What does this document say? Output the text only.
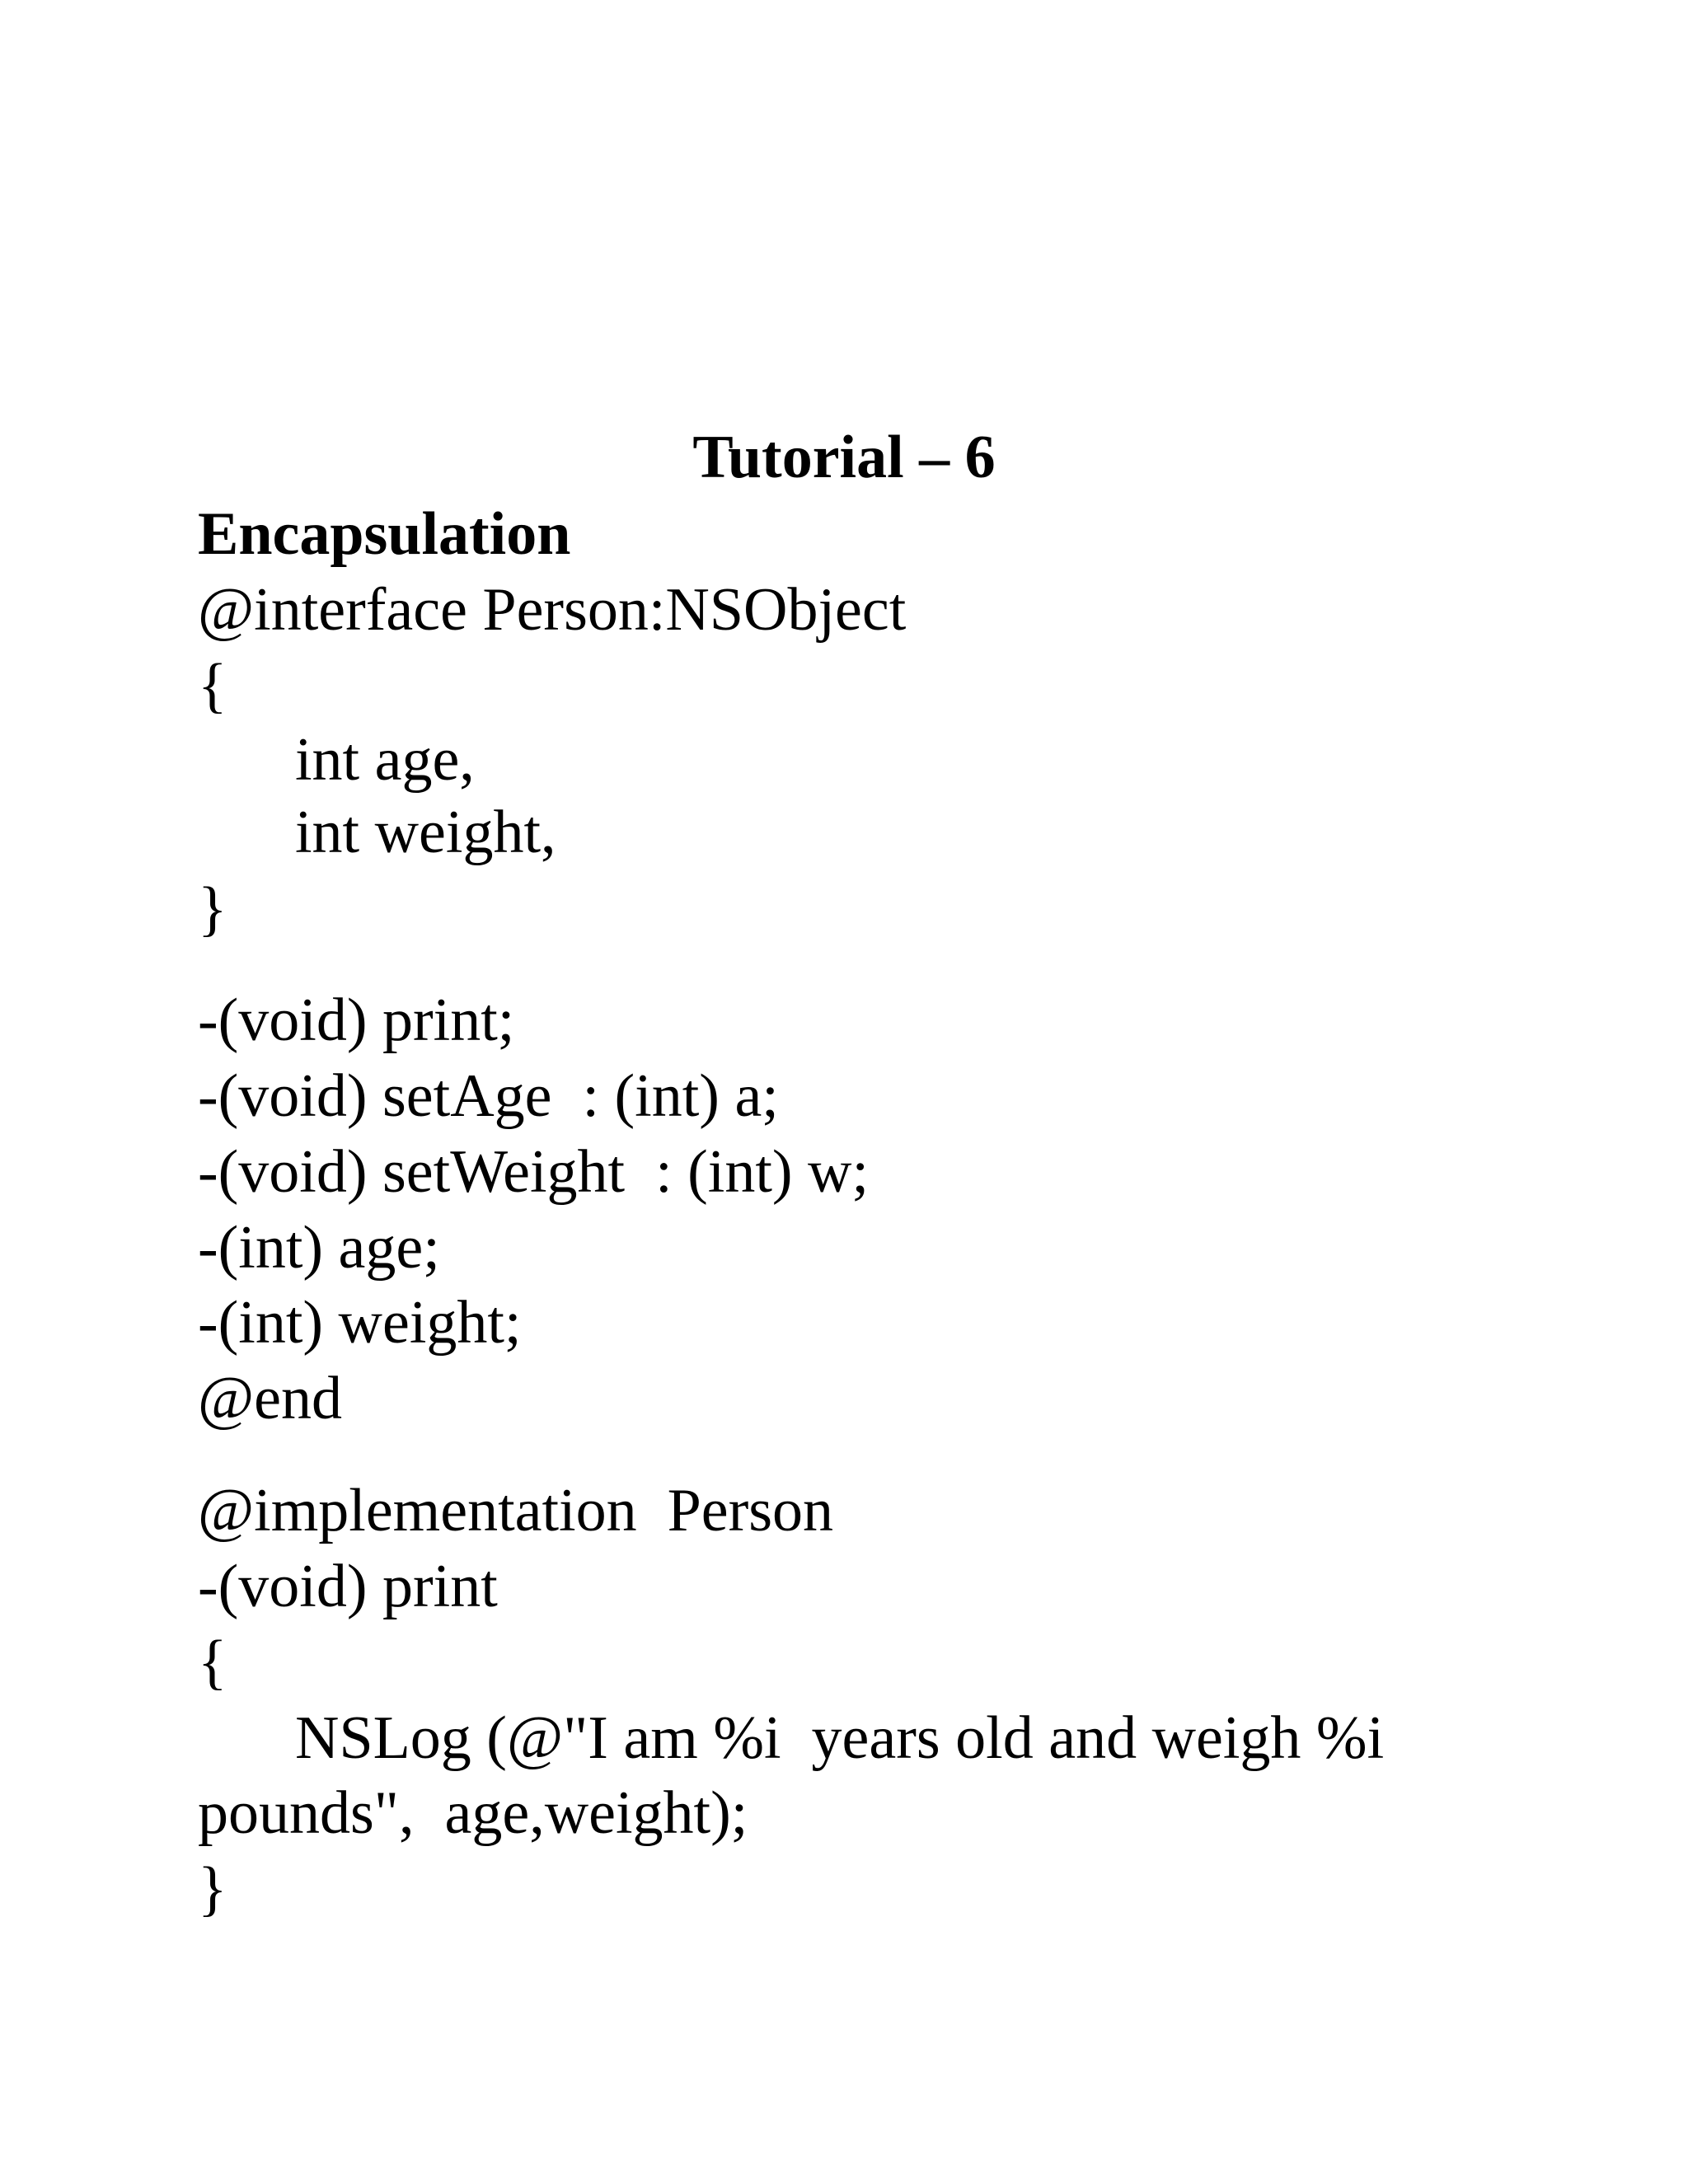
Tutorial – 6
Encapsulation
@interface Person:NSObject
{
int age,
int weight,
}
-(void) print;
-(void) setAge  : (int) a;
-(void) setWeight  : (int) w;
-(int) age;
-(int) weight;
@end
@implementation  Person
-(void) print
{
NSLog (@"I am %i  years old and weigh %i
pounds",  age,weight);
}
